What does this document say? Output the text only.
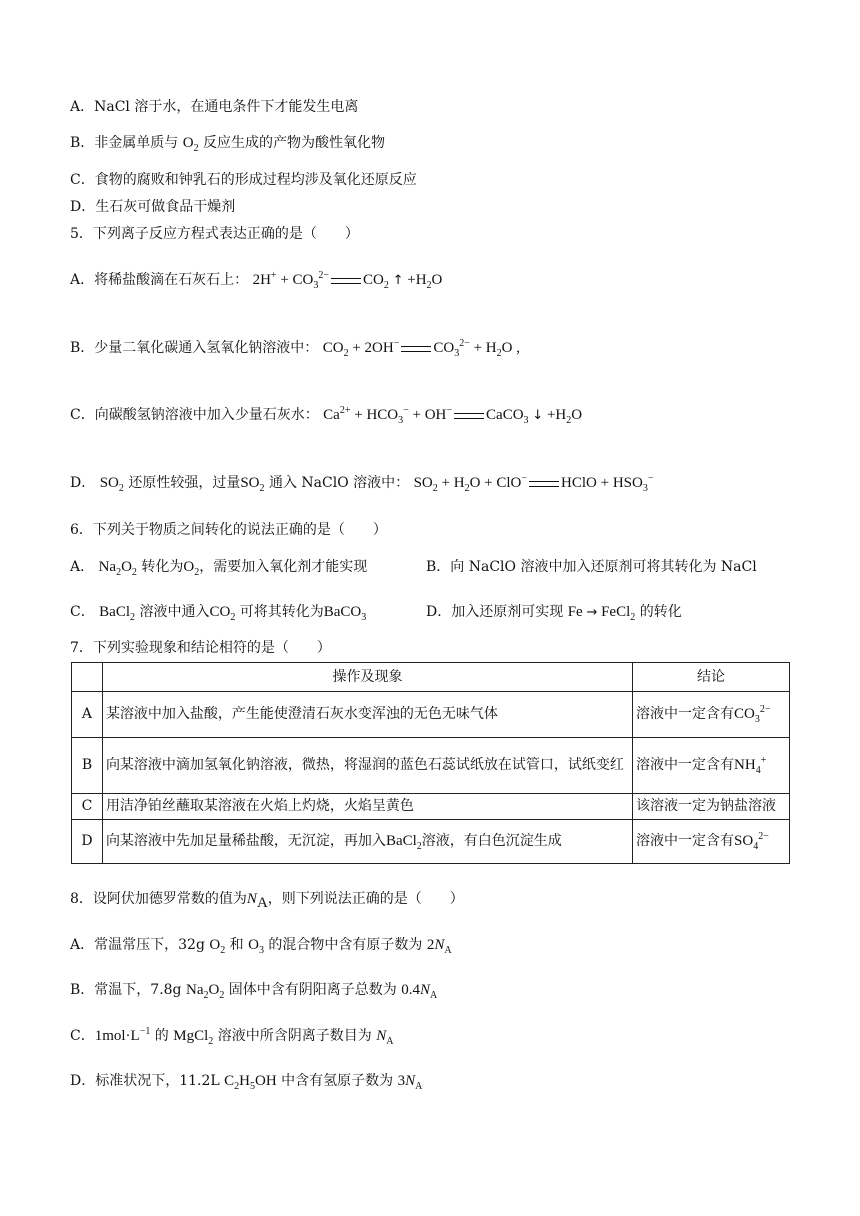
A．NaCl 溶于水，在通电条件下才能发生电离
B．非金属单质与 $O_2$ 反应生成的产物为酸性氧化物
C．食物的腐败和钟乳石的形成过程均涉及氧化还原反应
D．生石灰可做食品干燥剂
5．下列离子反应方程式表达正确的是（　　）
A．将稀盐酸滴在石灰石上： $2H^+ + CO_3^{2-}$ $CO_2$ ↑ $+H_2O$
B．少量二氧化碳通入氢氧化钠溶液中： $CO_2 + 2OH^-$ $CO_3^{2-} + H_2O$ ,
C．向碳酸氢钠溶液中加入少量石灰水： $Ca^{2+} + HCO_3^- + OH^-$ CaCO$_3$ ↓ $+H_2O$
D． $SO_2$ 还原性较强，过量$SO_2$ 通入 NaClO 溶液中： $SO_2 + H_2O + ClO^-$ HClO + $HSO_3^-$
6．下列关于物质之间转化的说法正确的是（　　）
A． $Na_2O_2$ 转化为$O_2$，需要加入氧化剂才能实现	B．向 NaClO 溶液中加入还原剂可将其转化为 NaCl
C． BaCl$_2$ 溶液中通入$CO_2$ 可将其转化为BaCO$_3$	D．加入还原剂可实现 Fe → FeCl$_2$ 的转化
7．下列实验现象和结论相符的是（　　）
	操作及现象	结论
A	某溶液中加入盐酸，产生能使澄清石灰水变浑浊的无色无味气体	溶液中一定含有$CO_3^{2-}$
B	向某溶液中滴加氢氧化钠溶液，微热，将湿润的蓝色石蕊试纸放在试管口，试纸变红	溶液中一定含有$NH_4^+$
C	用洁净铂丝蘸取某溶液在火焰上灼烧，火焰呈黄色	该溶液一定为钠盐溶液
D	向某溶液中先加足量稀盐酸，无沉淀，再加入BaCl$_2$溶液，有白色沉淀生成	溶液中一定含有$SO_4^{2-}$
8．设阿伏加德罗常数的值为$N_A$，则下列说法正确的是（　　）
A．常温常压下，32g $O_2$ 和 $O_3$ 的混合物中含有原子数为 $2N_A$
B．常温下，7.8g $Na_2O_2$ 固体中含有阴阳离子总数为 $0.4N_A$
C．$1mol\cdot L^{-1}$ 的 MgCl$_2$ 溶液中所含阴离子数目为 $N_A$
D．标准状况下，11.2L $C_2H_5OH$ 中含有氢原子数为 $3N_A$
